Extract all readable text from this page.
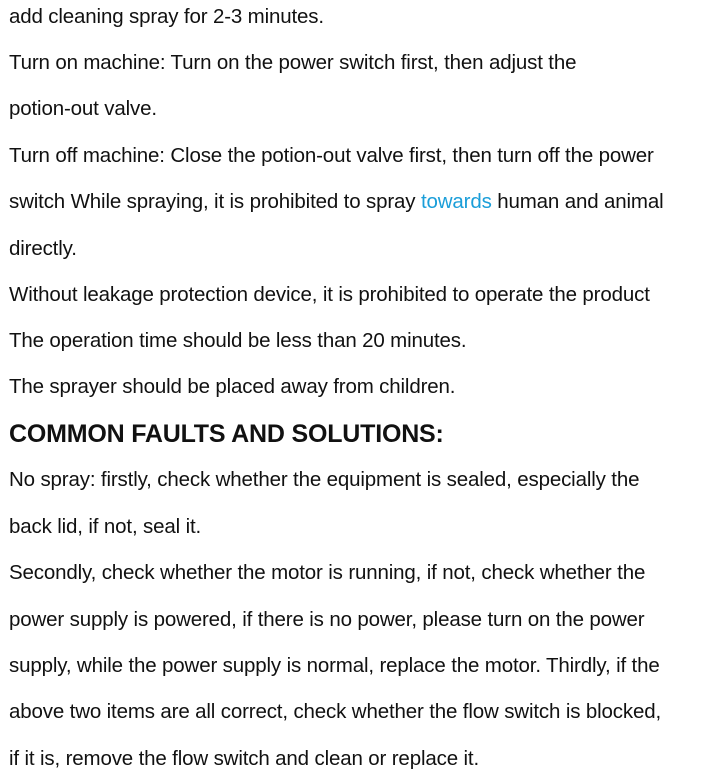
add cleaning spray for 2-3 minutes.
Turn on machine: Turn on the power switch first, then adjust the
potion-out valve.
Turn off machine: Close the potion-out valve first, then turn off the power
switch While spraying, it is prohibited to spray towards human and animal
directly.
Without leakage protection device, it is prohibited to operate the product
The operation time should be less than 20 minutes.
The sprayer should be placed away from children.
COMMON FAULTS AND SOLUTIONS:
No spray: firstly, check whether the equipment is sealed, especially the
back lid, if not, seal it.
Secondly, check whether the motor is running, if not, check whether the
power supply is powered, if there is no power, please turn on the power
supply, while the power supply is normal, replace the motor. Thirdly, if the
above two items are all correct, check whether the flow switch is blocked,
if it is, remove the flow switch and clean or replace it.
